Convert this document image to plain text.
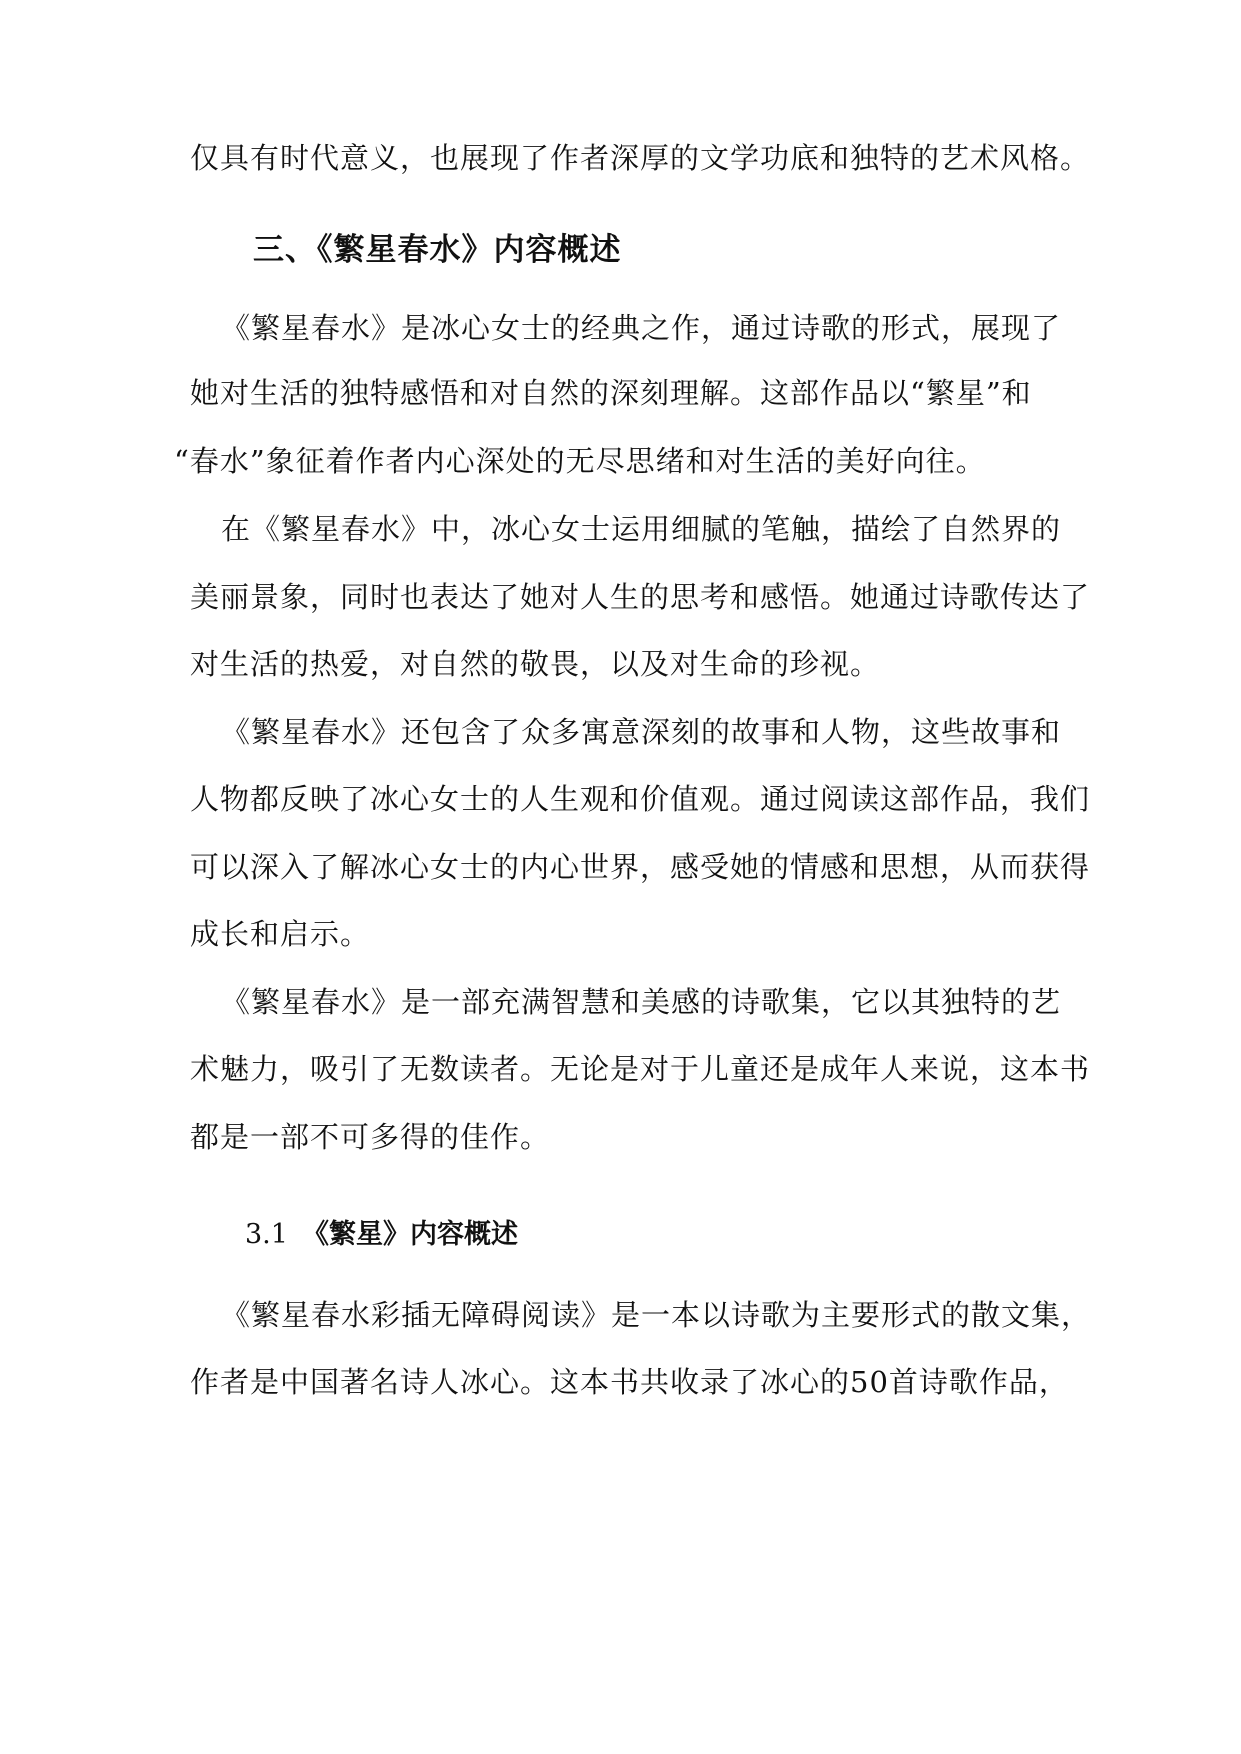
仅具有时代意义，也展现了作者深厚的文学功底和独特的艺术风格。
三、《繁星春水》内容概述
《繁星春水》是冰心女士的经典之作，通过诗歌的形式，展现了
她对生活的独特感悟和对自然的深刻理解。这部作品以“繁星”和
“春水”象征着作者内心深处的无尽思绪和对生活的美好向往。
在《繁星春水》中，冰心女士运用细腻的笔触，描绘了自然界的
美丽景象，同时也表达了她对人生的思考和感悟。她通过诗歌传达了
对生活的热爱，对自然的敬畏，以及对生命的珍视。
《繁星春水》还包含了众多寓意深刻的故事和人物，这些故事和
人物都反映了冰心女士的人生观和价值观。通过阅读这部作品，我们
可以深入了解冰心女士的内心世界，感受她的情感和思想，从而获得
成长和启示。
《繁星春水》是一部充满智慧和美感的诗歌集，它以其独特的艺
术魅力，吸引了无数读者。无论是对于儿童还是成年人来说，这本书
都是一部不可多得的佳作。
3.1 《繁星》内容概述
《繁星春水彩插无障碍阅读》是一本以诗歌为主要形式的散文集，
作者是中国著名诗人冰心。这本书共收录了冰心的50首诗歌作品，
